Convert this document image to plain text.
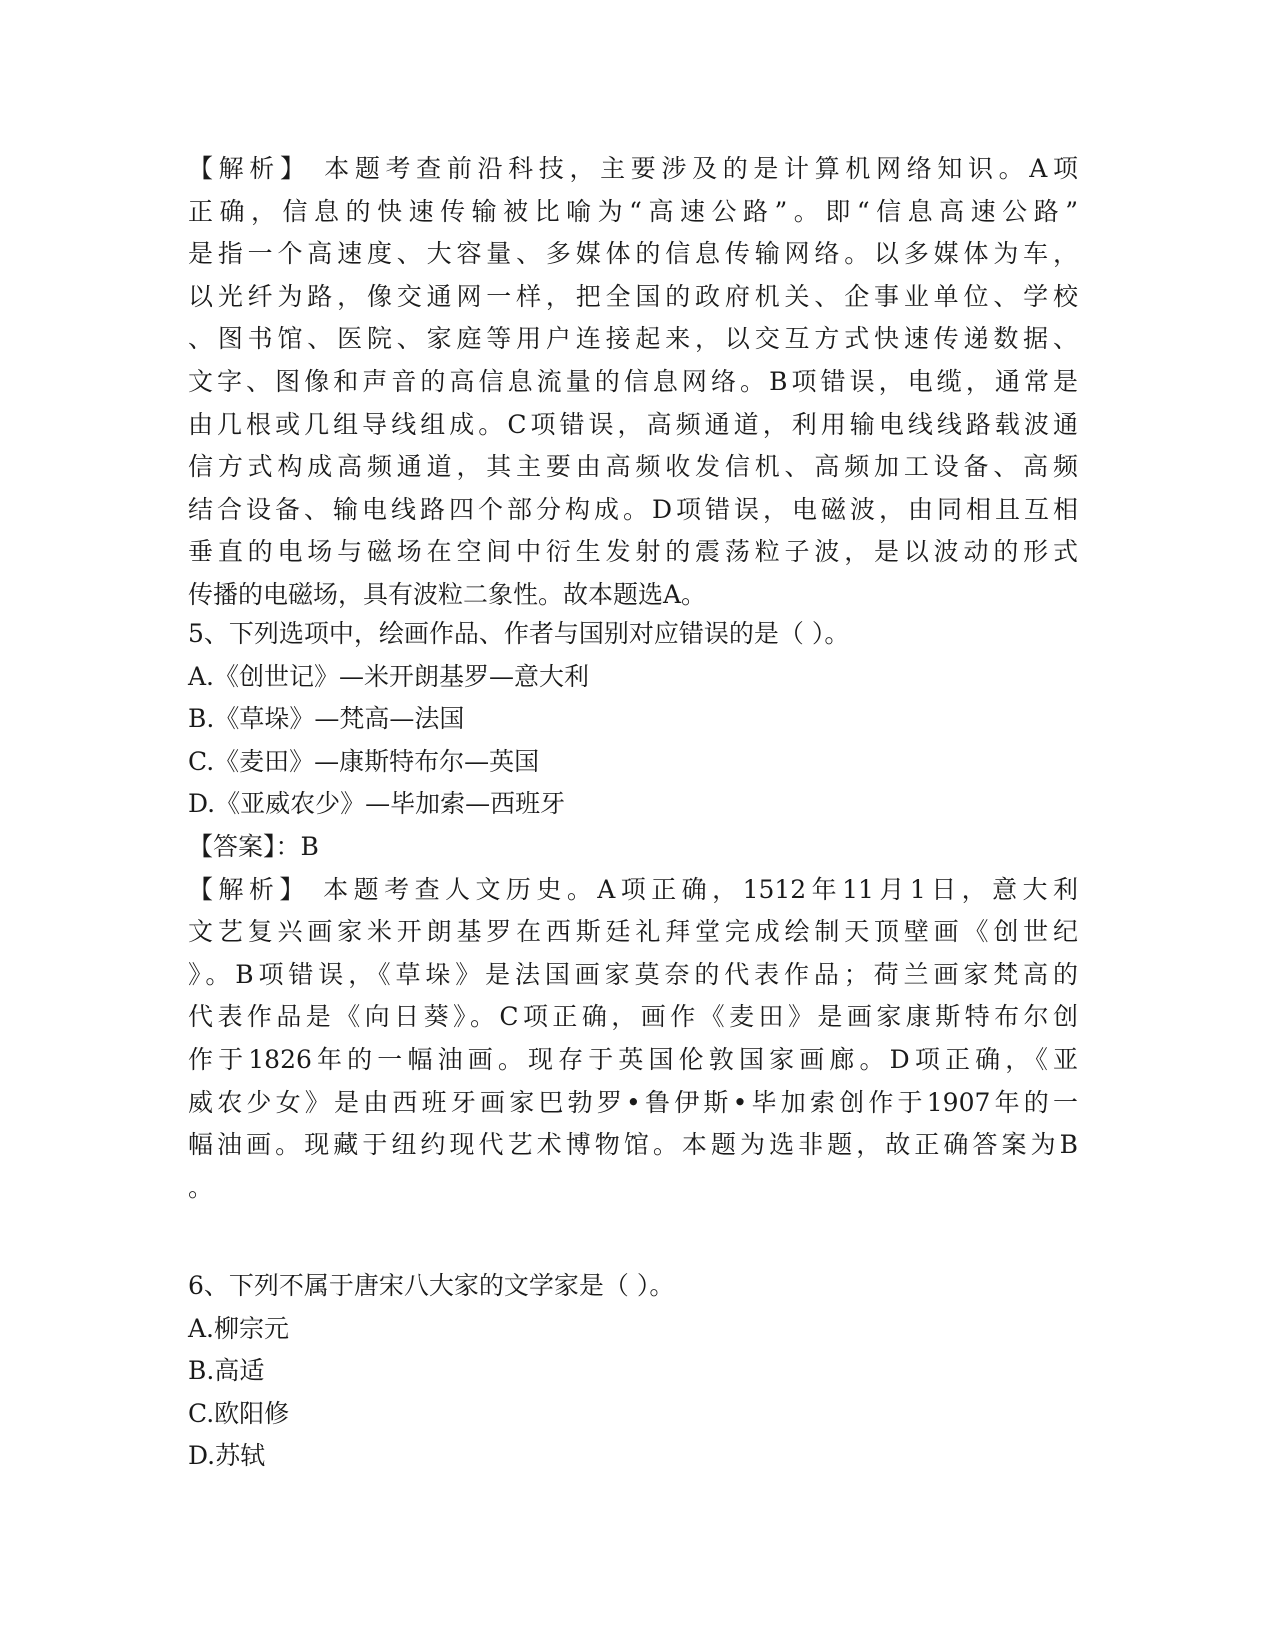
【解析】 本题考查前沿科技，主要涉及的是计算机网络知识。A项
正确，信息的快速传输被比喻为“高速公路”。即“信息高速公路”
是指一个高速度、大容量、多媒体的信息传输网络。以多媒体为车，
以光纤为路，像交通网一样，把全国的政府机关、企事业单位、学校
、图书馆、医院、家庭等用户连接起来，以交互方式快速传递数据、
文字、图像和声音的高信息流量的信息网络。B项错误，电缆，通常是
由几根或几组导线组成。C项错误，高频通道，利用输电线线路载波通
信方式构成高频通道，其主要由高频收发信机、高频加工设备、高频
结合设备、输电线路四个部分构成。D项错误，电磁波，由同相且互相
垂直的电场与磁场在空间中衍生发射的震荡粒子波，是以波动的形式
传播的电磁场，具有波粒二象性。故本题选A。
5、下列选项中，绘画作品、作者与国别对应错误的是（ ）。
A.《创世记》—米开朗基罗—意大利
B.《草垛》—梵高—法国
C.《麦田》—康斯特布尔—英国
D.《亚威农少》—毕加索—西班牙
【答案】：B
【解析】 本题考查人文历史。A项正确，1512年11月1日，意大利
文艺复兴画家米开朗基罗在西斯廷礼拜堂完成绘制天顶壁画《创世纪
》。B项错误，《草垛》是法国画家莫奈的代表作品；荷兰画家梵高的
代表作品是《向日葵》。C项正确，画作《麦田》是画家康斯特布尔创
作于1826年的一幅油画。现存于英国伦敦国家画廊。D项正确，《亚
威农少女》是由西班牙画家巴勃罗•鲁伊斯•毕加索创作于1907年的一
幅油画。现藏于纽约现代艺术博物馆。本题为选非题，故正确答案为B
。
6、下列不属于唐宋八大家的文学家是（ ）。
A.柳宗元
B.高适
C.欧阳修
D.苏轼
